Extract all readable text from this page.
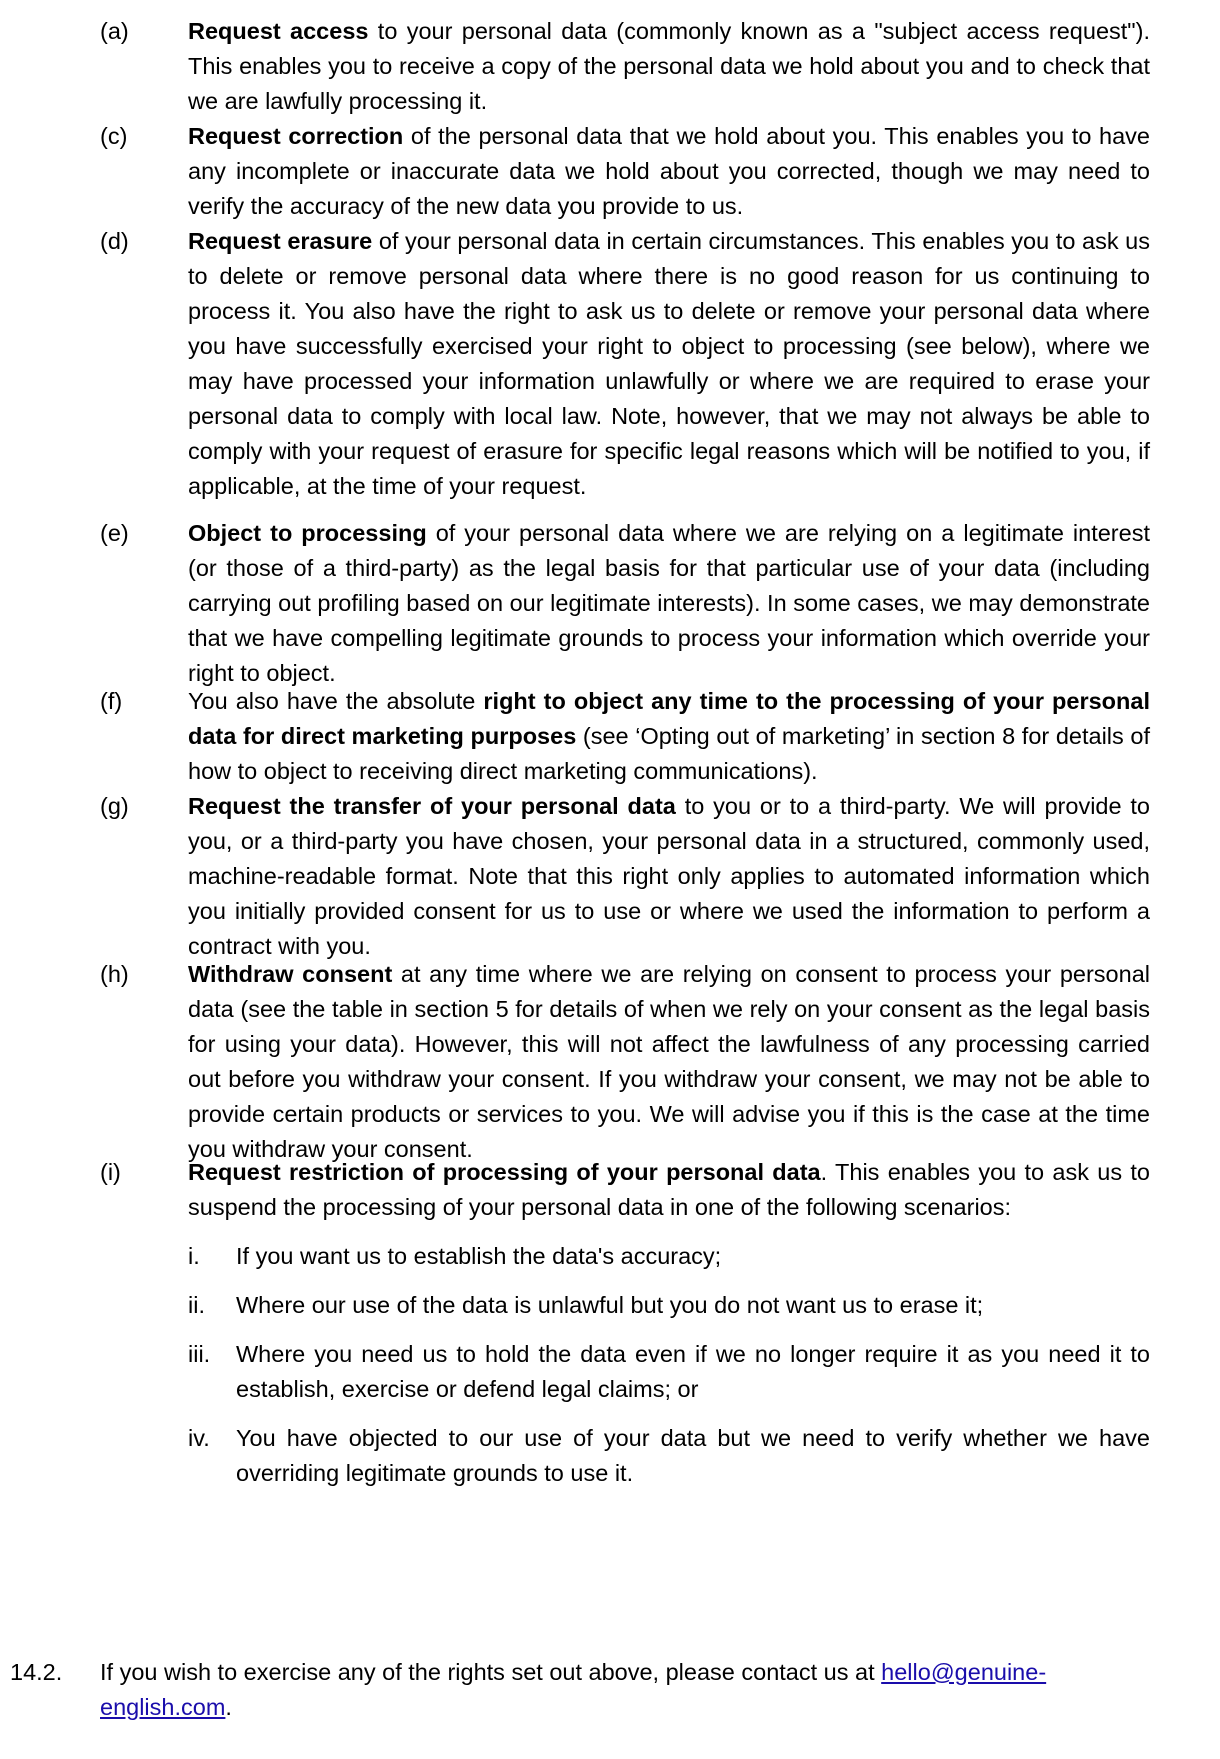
(a)	Request access to your personal data (commonly known as a "subject access request"). This enables you to receive a copy of the personal data we hold about you and to check that we are lawfully processing it.

(c)	Request correction of the personal data that we hold about you. This enables you to have any incomplete or inaccurate data we hold about you corrected, though we may need to verify the accuracy of the new data you provide to us.

(d)	Request erasure of your personal data in certain circumstances. This enables you to ask us to delete or remove personal data where there is no good reason for us continuing to process it. You also have the right to ask us to delete or remove your personal data where you have successfully exercised your right to object to processing (see below), where we may have processed your information unlawfully or where we are required to erase your personal data to comply with local law. Note, however, that we may not always be able to comply with your request of erasure for specific legal reasons which will be notified to you, if applicable, at the time of your request.

(e)	Object to processing of your personal data where we are relying on a legitimate interest (or those of a third-party) as the legal basis for that particular use of your data (including carrying out profiling based on our legitimate interests). In some cases, we may demonstrate that we have compelling legitimate grounds to process your information which override your right to object.

(f)	You also have the absolute right to object any time to the processing of your personal data for direct marketing purposes (see ‘Opting out of marketing’ in section 8 for details of how to object to receiving direct marketing communications).

(g)	Request the transfer of your personal data to you or to a third-party. We will provide to you, or a third-party you have chosen, your personal data in a structured, commonly used, machine-readable format. Note that this right only applies to automated information which you initially provided consent for us to use or where we used the information to perform a contract with you.

(h)	Withdraw consent at any time where we are relying on consent to process your personal data (see the table in section 5 for details of when we rely on your consent as the legal basis for using your data). However, this will not affect the lawfulness of any processing carried out before you withdraw your consent. If you withdraw your consent, we may not be able to provide certain products or services to you. We will advise you if this is the case at the time you withdraw your consent.

(i)	Request restriction of processing of your personal data. This enables you to ask us to suspend the processing of your personal data in one of the following scenarios:

i.	If you want us to establish the data's accuracy;
ii.	Where our use of the data is unlawful but you do not want us to erase it;
iii.	Where you need us to hold the data even if we no longer require it as you need it to establish, exercise or defend legal claims; or
iv.	You have objected to our use of your data but we need to verify whether we have overriding legitimate grounds to use it.
14.2.	If you wish to exercise any of the rights set out above, please contact us at hello@genuine-english.com.
